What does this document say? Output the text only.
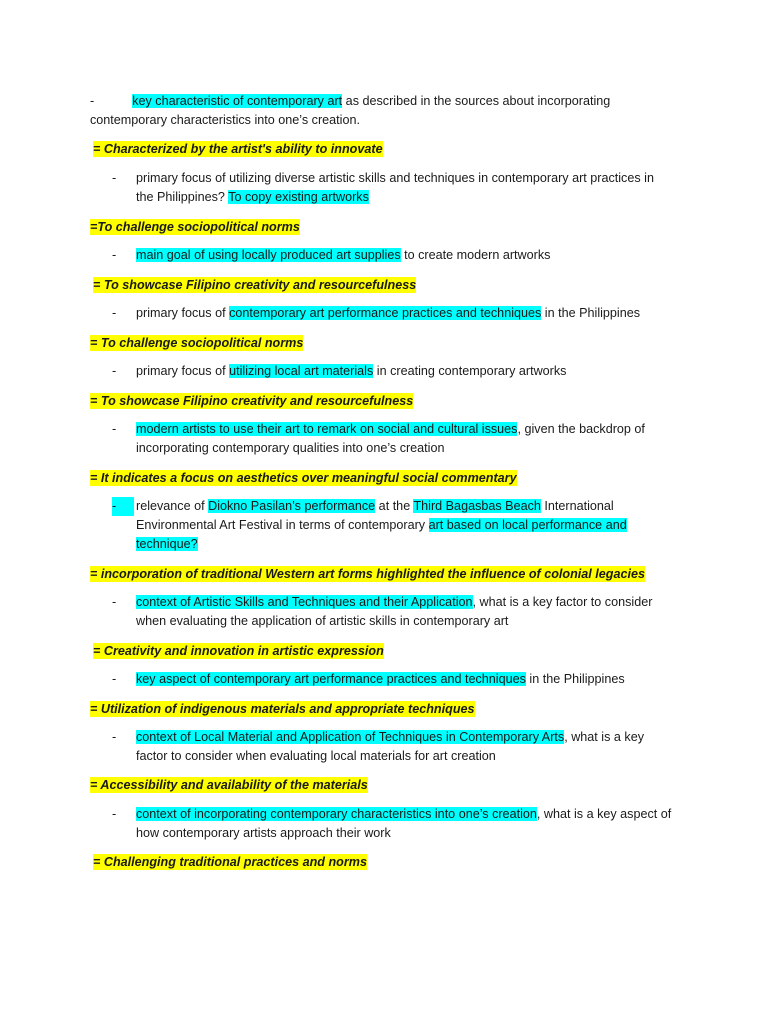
-	key characteristic of contemporary art as described in the sources about incorporating contemporary characteristics into one’s creation.

= Characterized by the artist's ability to innovate

- primary focus of utilizing diverse artistic skills and techniques in contemporary art practices in the Philippines? To copy existing artworks

=To challenge sociopolitical norms

- main goal of using locally produced art supplies to create modern artworks

= To showcase Filipino creativity and resourcefulness

- primary focus of contemporary art performance practices and techniques in the Philippines

= To challenge sociopolitical norms

- primary focus of utilizing local art materials in creating contemporary artworks

= To showcase Filipino creativity and resourcefulness

- modern artists to use their art to remark on social and cultural issues, given the backdrop of incorporating contemporary qualities into one’s creation

= It indicates a focus on aesthetics over meaningful social commentary

-	relevance of Diokno Pasilan’s performance at the Third Bagasbas Beach International Environmental Art Festival in terms of contemporary art based on local performance and technique?

= incorporation of traditional Western art forms highlighted the influence of colonial legacies

- context of Artistic Skills and Techniques and their Application, what is a key factor to consider when evaluating the application of artistic skills in contemporary art

= Creativity and innovation in artistic expression

- key aspect of contemporary art performance practices and techniques in the Philippines

= Utilization of indigenous materials and appropriate techniques

- context of Local Material and Application of Techniques in Contemporary Arts, what is a key factor to consider when evaluating local materials for art creation

= Accessibility and availability of the materials

- context of incorporating contemporary characteristics into one’s creation, what is a key aspect of how contemporary artists approach their work

= Challenging traditional practices and norms
